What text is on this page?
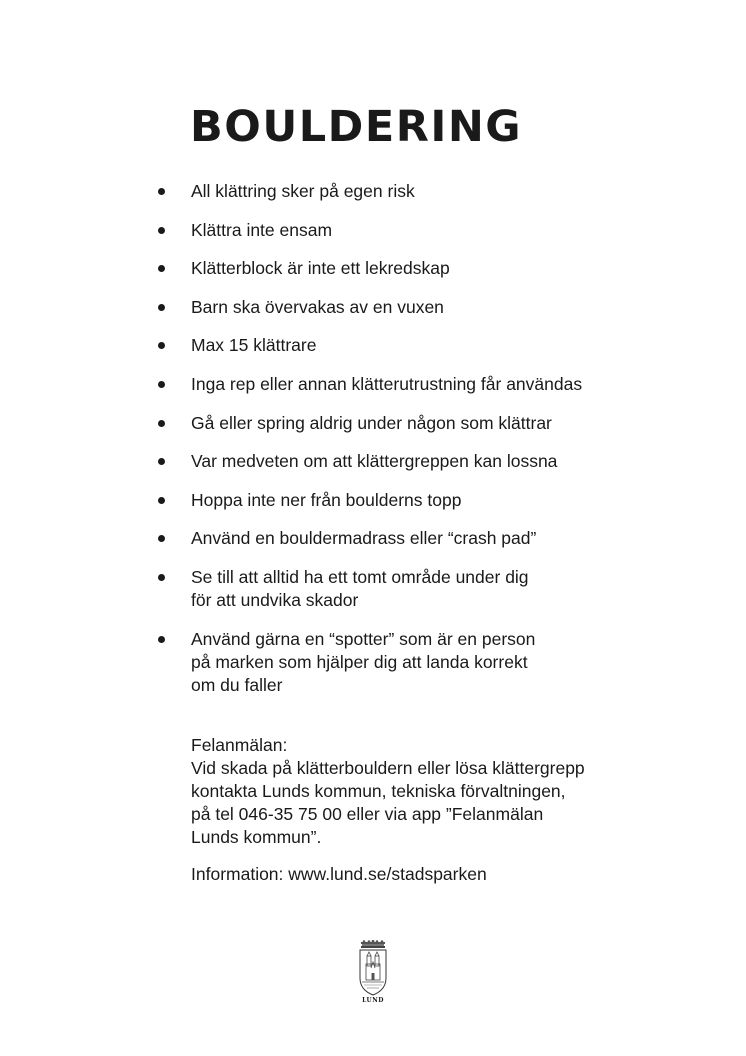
BOULDERING
All klättring sker på egen risk
Klättra inte ensam
Klätterblock är inte ett lekredskap
Barn ska övervakas av en vuxen
Max 15 klättrare
Inga rep eller annan klätterutrustning får användas
Gå eller spring aldrig under någon som klättrar
Var medveten om att klättergreppen kan lossna
Hoppa inte ner från boulderns topp
Använd en bouldermadrass eller “crash pad”
Se till att alltid ha ett tomt område under dig
för att undvika skador
Använd gärna en “spotter” som är en person
på marken som hjälper dig att landa korrekt
om du faller
Felanmälan:
Vid skada på klätterbouldern eller lösa klättergrepp
kontakta Lunds kommun, tekniska förvaltningen,
på tel 046-35 75 00 eller via app ”Felanmälan
Lunds kommun”.
Information: www.lund.se/stadsparken
LUND
